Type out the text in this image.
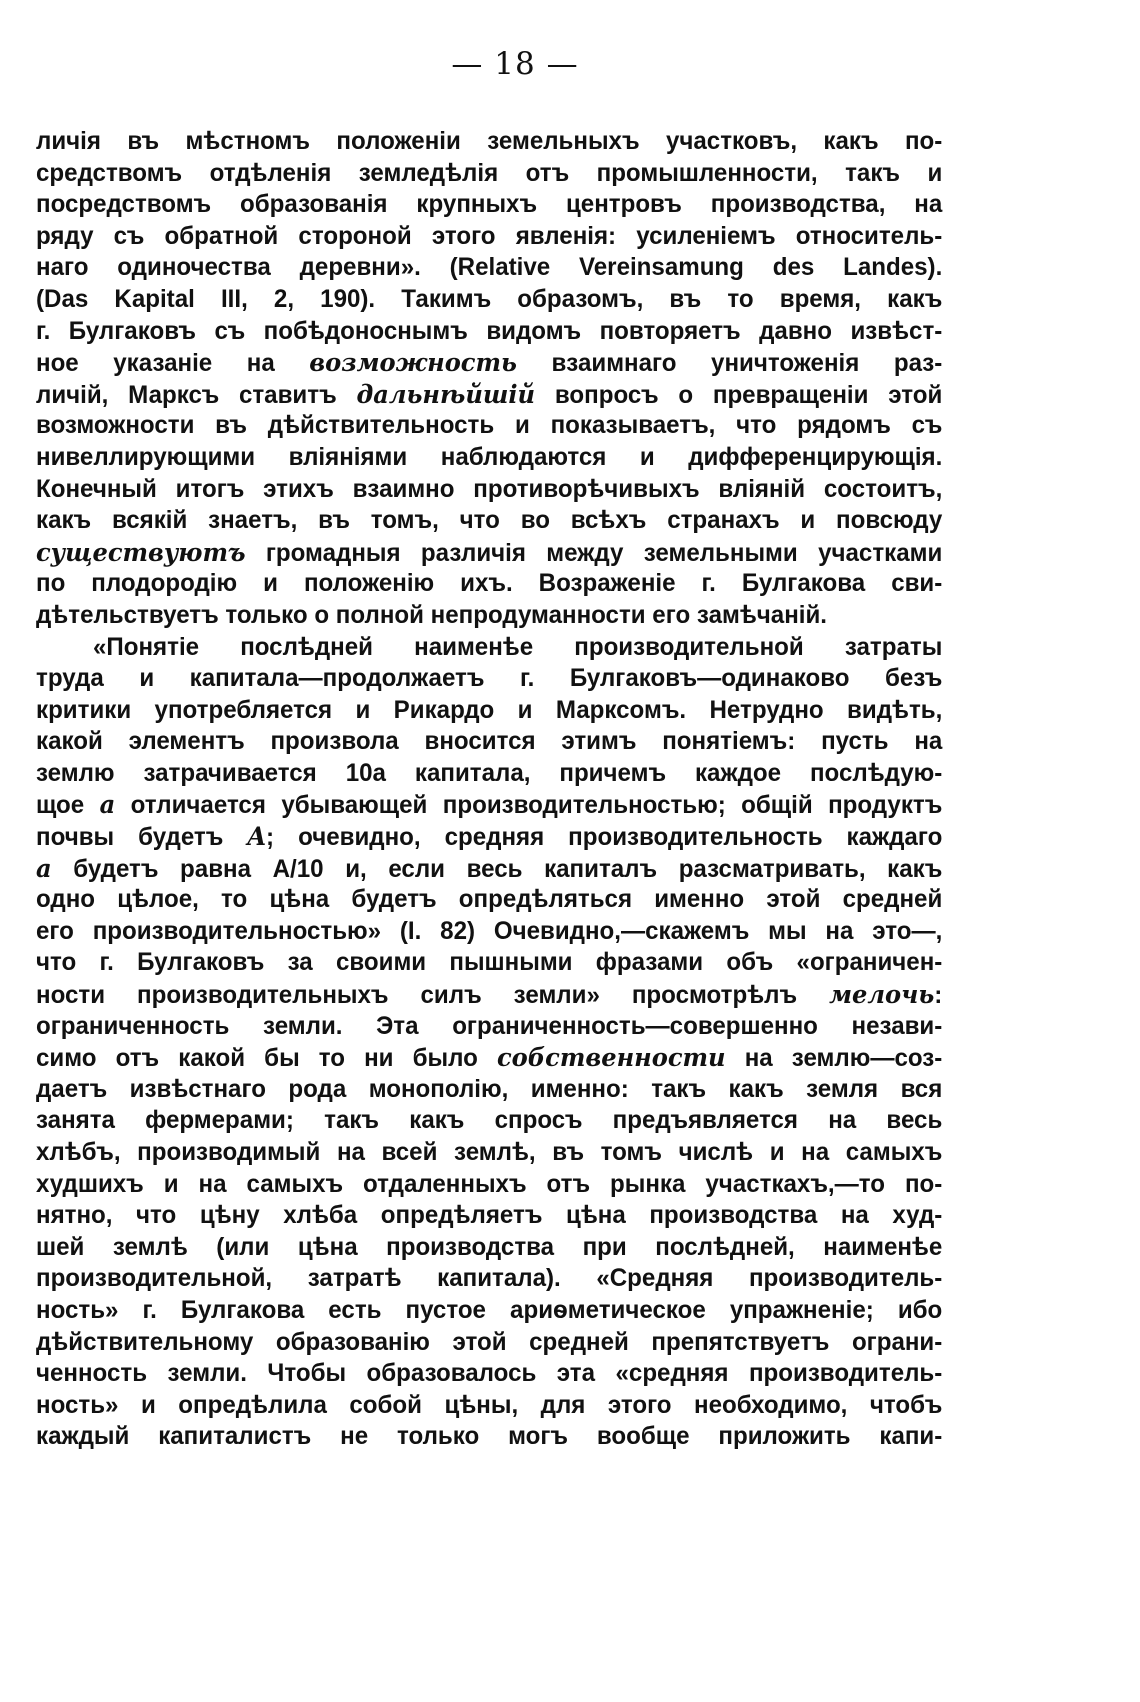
— 18 —
личія въ мѣстномъ положеніи земельныхъ участковъ, какъ по-
средствомъ отдѣленія земледѣлія отъ промышленности, такъ и
посредствомъ образованія крупныхъ центровъ производства, на
ряду съ обратной стороной этого явленія: усиленіемъ относитель-
наго одиночества деревни». (Relative Vereinsamung des Landes).
(Das Kapital III, 2, 190). Такимъ образомъ, въ то время, какъ
г. Булгаковъ съ побѣдоноснымъ видомъ повторяетъ давно извѣст-
ное указаніе на возможность взаимнаго уничтоженія раз-
личій, Марксъ ставитъ дальнѣйшій вопросъ о превращеніи этой
возможности въ дѣйствительность и показываетъ, что рядомъ съ
нивеллирующими вліяніями наблюдаются и дифференцирующія.
Конечный итогъ этихъ взаимно противорѣчивыхъ вліяній состоитъ,
какъ всякій знаетъ, въ томъ, что во всѣхъ странахъ и повсюду
существуютъ громадныя различія между земельными участками
по плодородію и положенію ихъ. Возраженіе г. Булгакова сви-
дѣтельствуетъ только о полной непродуманности его замѣчаній.
«Понятіе послѣдней наименѣе производительной затраты
труда и капитала—продолжаетъ г. Булгаковъ—одинаково безъ
критики употребляется и Рикардо и Марксомъ. Нетрудно видѣть,
какой элементъ произвола вносится этимъ понятіемъ: пусть на
землю затрачивается 10а капитала, причемъ каждое послѣдую-
щое a отличается убывающей производительностью; общій продуктъ
почвы будетъ A; очевидно, средняя производительность каждаго
a будетъ равна A/10 и, если весь капиталъ разсматривать, какъ
одно цѣлое, то цѣна будетъ опредѣляться именно этой средней
его производительностью» (I. 82) Очевидно,—скажемъ мы на это—,
что г. Булгаковъ за своими пышными фразами объ «ограничен-
ности производительныхъ силъ земли» просмотрѣлъ мелочь:
ограниченность земли. Эта ограниченность—совершенно незави-
симо отъ какой бы то ни было собственности на землю—соз-
даетъ извѣстнаго рода монополію, именно: такъ какъ земля вся
занята фермерами; такъ какъ спросъ предъявляется на весь
хлѣбъ, производимый на всей землѣ, въ томъ числѣ и на самыхъ
худшихъ и на самыхъ отдаленныхъ отъ рынка участкахъ,—то по-
нятно, что цѣну хлѣба опредѣляетъ цѣна производства на худ-
шей землѣ (или цѣна производства при послѣдней, наименѣе
производительной, затратѣ капитала). «Средняя производитель-
ность» г. Булгакова есть пустое ариѳметическое упражненіе; ибо
дѣйствительному образованію этой средней препятствуетъ ограни-
ченность земли. Чтобы образовалось эта «средняя производитель-
ность» и опредѣлила собой цѣны, для этого необходимо, чтобъ
каждый капиталистъ не только могъ вообще приложить капи-
